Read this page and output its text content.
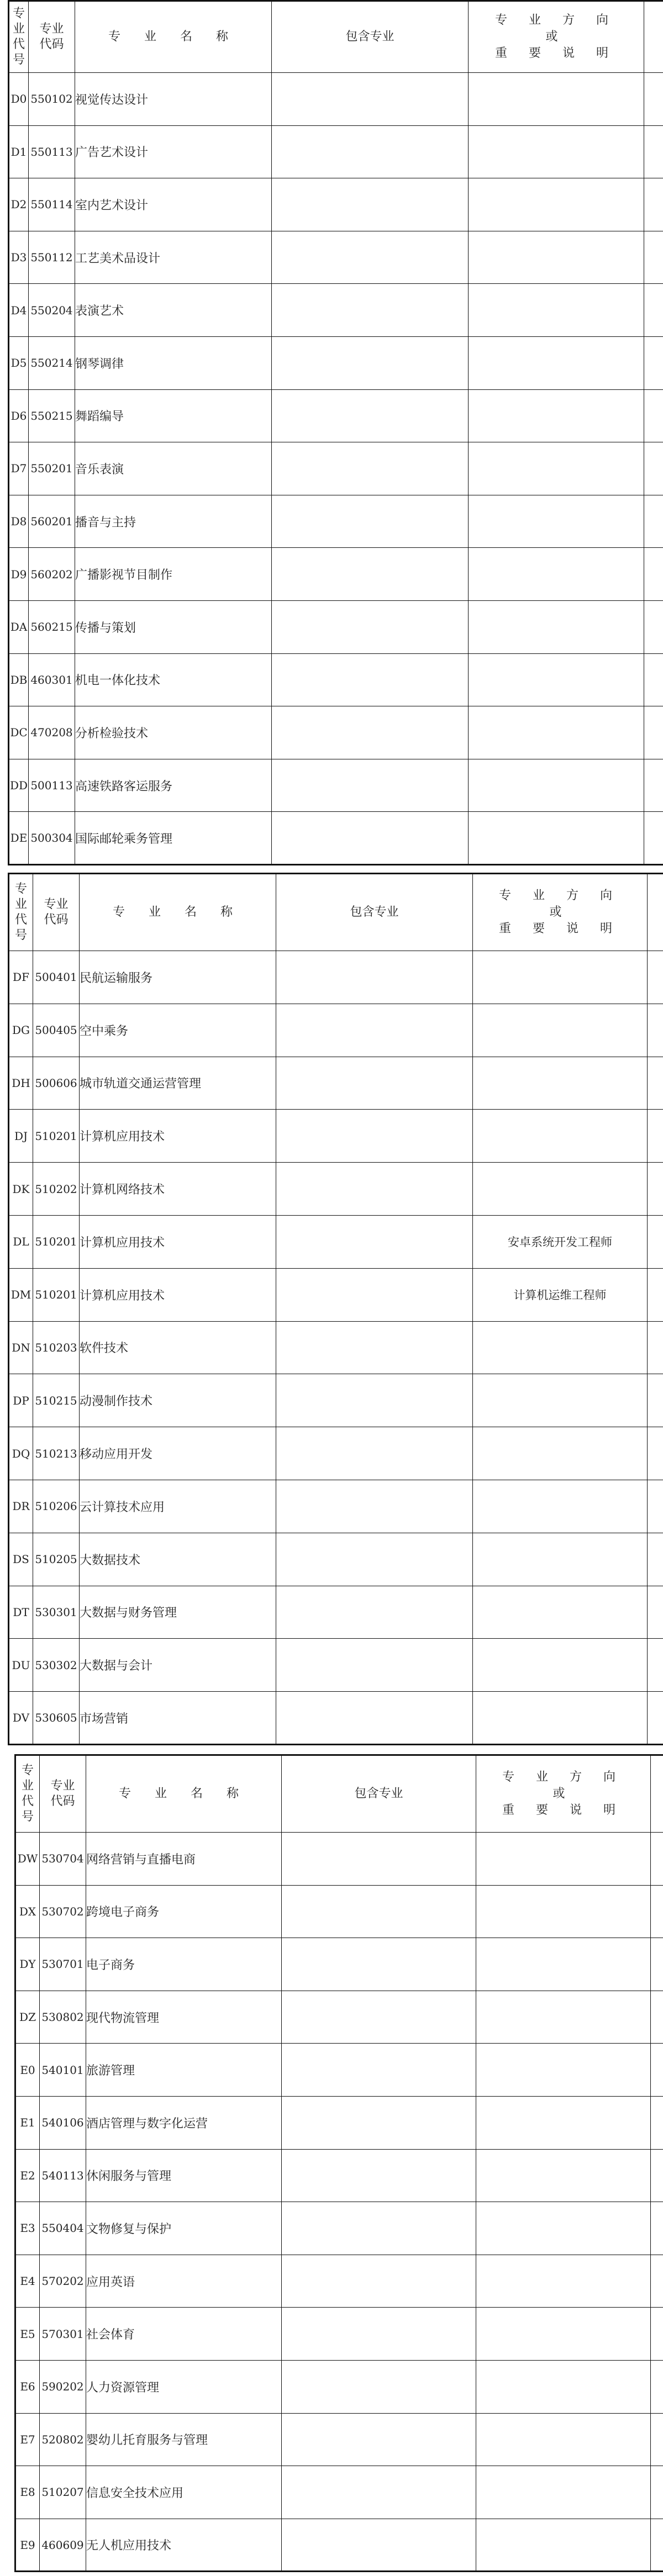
专业代号	专业代码	专 业 名 称	包含专业	专 业 方 向
或
重 要 说 明	

D0	550102	视觉传达设计			
D1	550113	广告艺术设计			
D2	550114	室内艺术设计			
D3	550112	工艺美术品设计			
D4	550204	表演艺术			
D5	550214	钢琴调律			
D6	550215	舞蹈编导			
D7	550201	音乐表演			
D8	560201	播音与主持			
D9	560202	广播影视节目制作			
DA	560215	传播与策划			
DB	460301	机电一体化技术			
DC	470208	分析检验技术			
DD	500113	高速铁路客运服务			
DE	500304	国际邮轮乘务管理			
专业代号	专业代码	专 业 名 称	包含专业	专 业 方 向
或
重 要 说 明	

DF	500401	民航运输服务			
DG	500405	空中乘务			
DH	500606	城市轨道交通运营管理			
DJ	510201	计算机应用技术			
DK	510202	计算机网络技术			
DL	510201	计算机应用技术		安卓系统开发工程师	
DM	510201	计算机应用技术		计算机运维工程师	
DN	510203	软件技术			
DP	510215	动漫制作技术			
DQ	510213	移动应用开发			
DR	510206	云计算技术应用			
DS	510205	大数据技术			
DT	530301	大数据与财务管理			
DU	530302	大数据与会计			
DV	530605	市场营销			
专业代号	专业代码	专 业 名 称	包含专业	专 业 方 向
或
重 要 说 明	

DW	530704	网络营销与直播电商			
DX	530702	跨境电子商务			
DY	530701	电子商务			
DZ	530802	现代物流管理			
E0	540101	旅游管理			
E1	540106	酒店管理与数字化运营			
E2	540113	休闲服务与管理			
E3	550404	文物修复与保护			
E4	570202	应用英语			
E5	570301	社会体育			
E6	590202	人力资源管理			
E7	520802	婴幼儿托育服务与管理			
E8	510207	信息安全技术应用			
E9	460609	无人机应用技术			
